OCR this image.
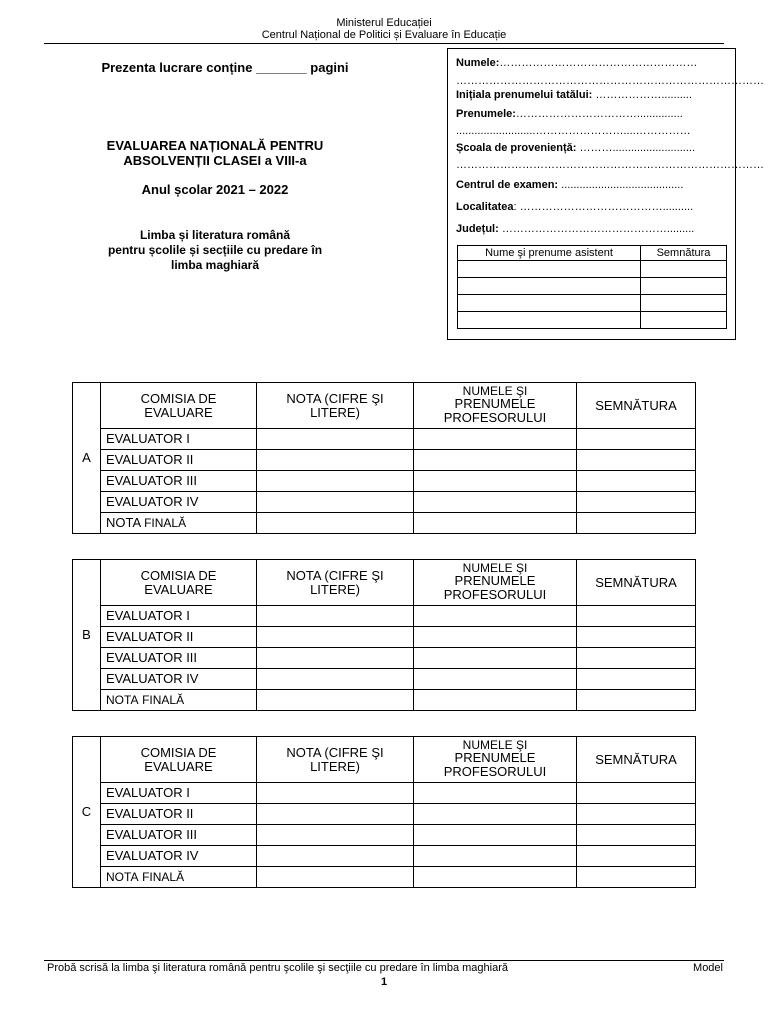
Ministerul Educației
Centrul Național de Politici și Evaluare în Educație
Prezenta lucrare conține _______ pagini
EVALUAREA NAȚIONALĂ PENTRU
ABSOLVENȚII CLASEI a VIII-a
Anul școlar 2021 – 2022
Limba și literatura română
pentru școlile și secțiile cu predare în
limba maghiară
Numele:………………………………………………
…………………………………………………………………………
Inițiala prenumelui tatălui: ………………..........
Prenumele:……………………………...............
..........................……………………....……………
Școala de proveniență: ………...........................
…………………………………………………………………………
Centrul de examen: ........................................
Localitatea: …………………………………..........
Județul: ……………………………………….........
Nume şi prenume asistent	Semnătura

A	COMISIA DE EVALUARE	NOTA (CIFRE ŞI LITERE)	NUMELE ŞI
PRENUMELE PROFESORULUI	SEMNĂTURA
	EVALUATOR I			
	EVALUATOR II			
	EVALUATOR III			
	EVALUATOR IV			
	NOTA FINALĂ			
B	COMISIA DE EVALUARE	NOTA (CIFRE ŞI LITERE)	NUMELE ŞI
PRENUMELE PROFESORULUI	SEMNĂTURA
	EVALUATOR I			
	EVALUATOR II			
	EVALUATOR III			
	EVALUATOR IV			
	NOTA FINALĂ			
C	COMISIA DE EVALUARE	NOTA (CIFRE ŞI LITERE)	NUMELE ŞI
PRENUMELE PROFESORULUI	SEMNĂTURA
	EVALUATOR I			
	EVALUATOR II			
	EVALUATOR III			
	EVALUATOR IV			
	NOTA FINALĂ			
Probă scrisă la limba şi literatura română pentru şcolile şi secţiile cu predare în limba maghiară	Model
1
